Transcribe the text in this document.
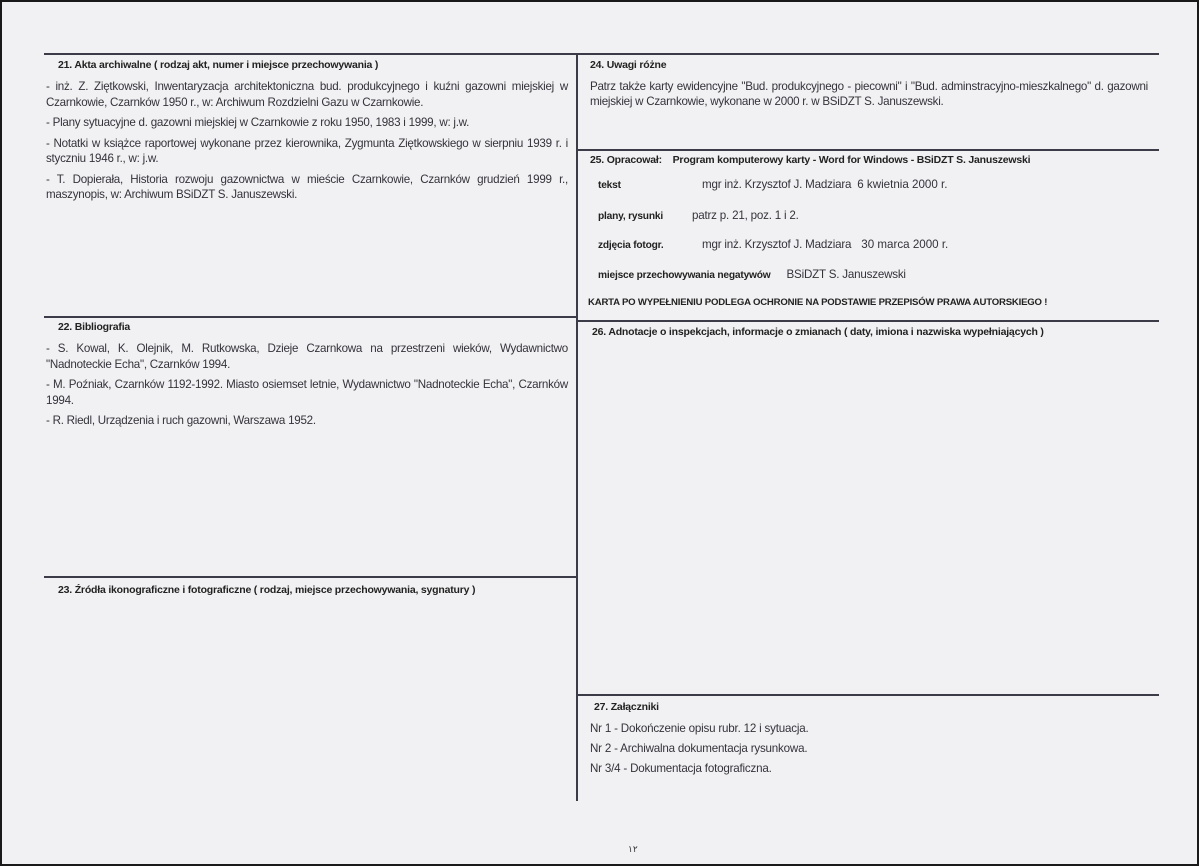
21. Akta archiwalne ( rodzaj akt, numer i miejsce przechowywania )
- inż. Z. Ziętkowski, Inwentaryzacja architektoniczna bud. produkcyjnego i kuźni gazowni miejskiej w Czarnkowie, Czarnków 1950 r., w: Archiwum Rozdzielni Gazu w Czarnkowie.
- Plany sytuacyjne d. gazowni miejskiej w Czarnkowie z roku 1950, 1983 i 1999, w: j.w.
- Notatki w książce raportowej wykonane przez kierownika, Zygmunta Ziętkowskiego w sierpniu 1939 r. i styczniu 1946 r., w: j.w.
- T. Dopierała, Historia rozwoju gazownictwa w mieście Czarnkowie, Czarnków grudzień 1999 r., maszynopis, w: Archiwum BSiDZT S. Januszewski.
22. Bibliografia
- S. Kowal, K. Olejnik, M. Rutkowska, Dzieje Czarnkowa na przestrzeni wieków, Wydawnictwo "Nadnoteckie Echa", Czarnków 1994.
- M. Poźniak, Czarnków 1192-1992. Miasto osiemset letnie, Wydawnictwo "Nadnoteckie Echa", Czarnków 1994.
- R. Riedl, Urządzenia i ruch gazowni, Warszawa 1952.
23. Źródła ikonograficzne i fotograficzne ( rodzaj, miejsce przechowywania, sygnatury )
24. Uwagi różne
Patrz także karty ewidencyjne "Bud. produkcyjnego - piecowni" i "Bud. adminstracyjno-mieszkalnego" d. gazowni miejskiej w Czarnkowie, wykonane w 2000 r. w BSiDZT S. Januszewski.
25. Opracował: Program komputerowy karty - Word for Windows - BSiDZT S. Januszewski
tekst	mgr inż. Krzysztof J. Madziara 6 kwietnia 2000 r.
plany, rysunki	patrz p. 21, poz. 1 i 2.
zdjęcia fotogr.	mgr inż. Krzysztof J. Madziara 30 marca 2000 r.
miejsce przechowywania negatywów BSiDZT S. Januszewski
KARTA PO WYPEŁNIENIU PODLEGA OCHRONIE NA PODSTAWIE PRZEPISÓW PRAWA AUTORSKIEGO !
26. Adnotacje o inspekcjach, informacje o zmianach ( daty, imiona i nazwiska wypełniających )
27. Załączniki
Nr 1 - Dokończenie opisu rubr. 12 i sytuacja.
Nr 2 - Archiwalna dokumentacja rysunkowa.
Nr 3/4 - Dokumentacja fotograficzna.
۱۲
